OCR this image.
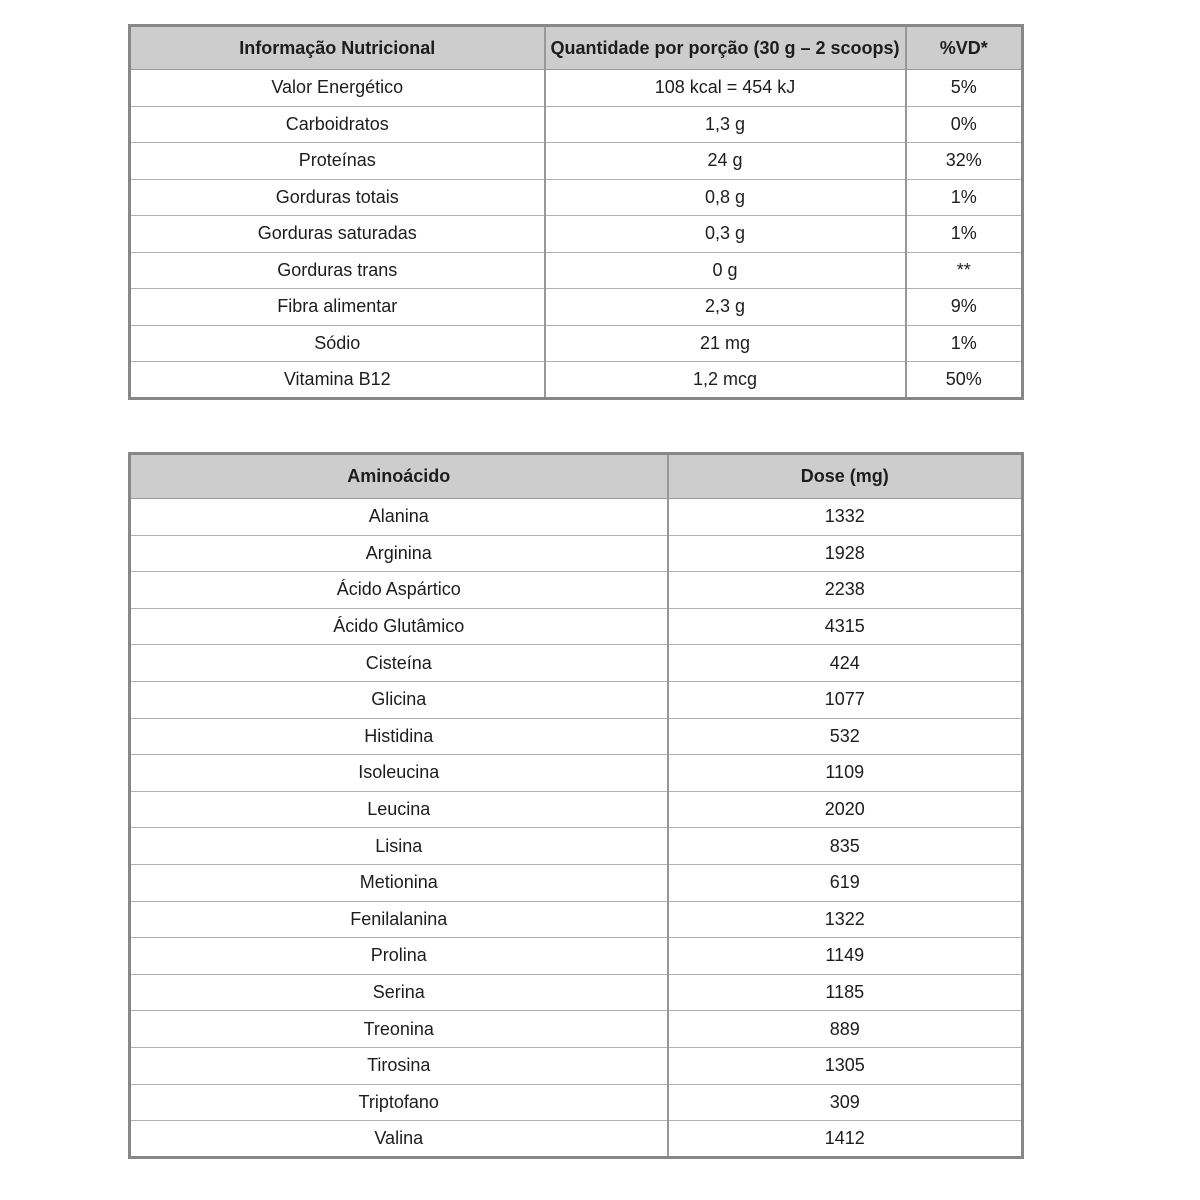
Informação Nutricional	Quantidade por porção (30 g – 2 scoops)	%VD*
Valor Energético	108 kcal = 454 kJ	5%
Carboidratos	1,3 g	0%
Proteínas	24 g	32%
Gorduras totais	0,8 g	1%
Gorduras saturadas	0,3 g	1%
Gorduras trans	0 g	**
Fibra alimentar	2,3 g	9%
Sódio	21 mg	1%
Vitamina B12	1,2 mcg	50%
Aminoácido	Dose (mg)
Alanina	1332
Arginina	1928
Ácido Aspártico	2238
Ácido Glutâmico	4315
Cisteína	424
Glicina	1077
Histidina	532
Isoleucina	1109
Leucina	2020
Lisina	835
Metionina	619
Fenilalanina	1322
Prolina	1149
Serina	1185
Treonina	889
Tirosina	1305
Triptofano	309
Valina	1412
